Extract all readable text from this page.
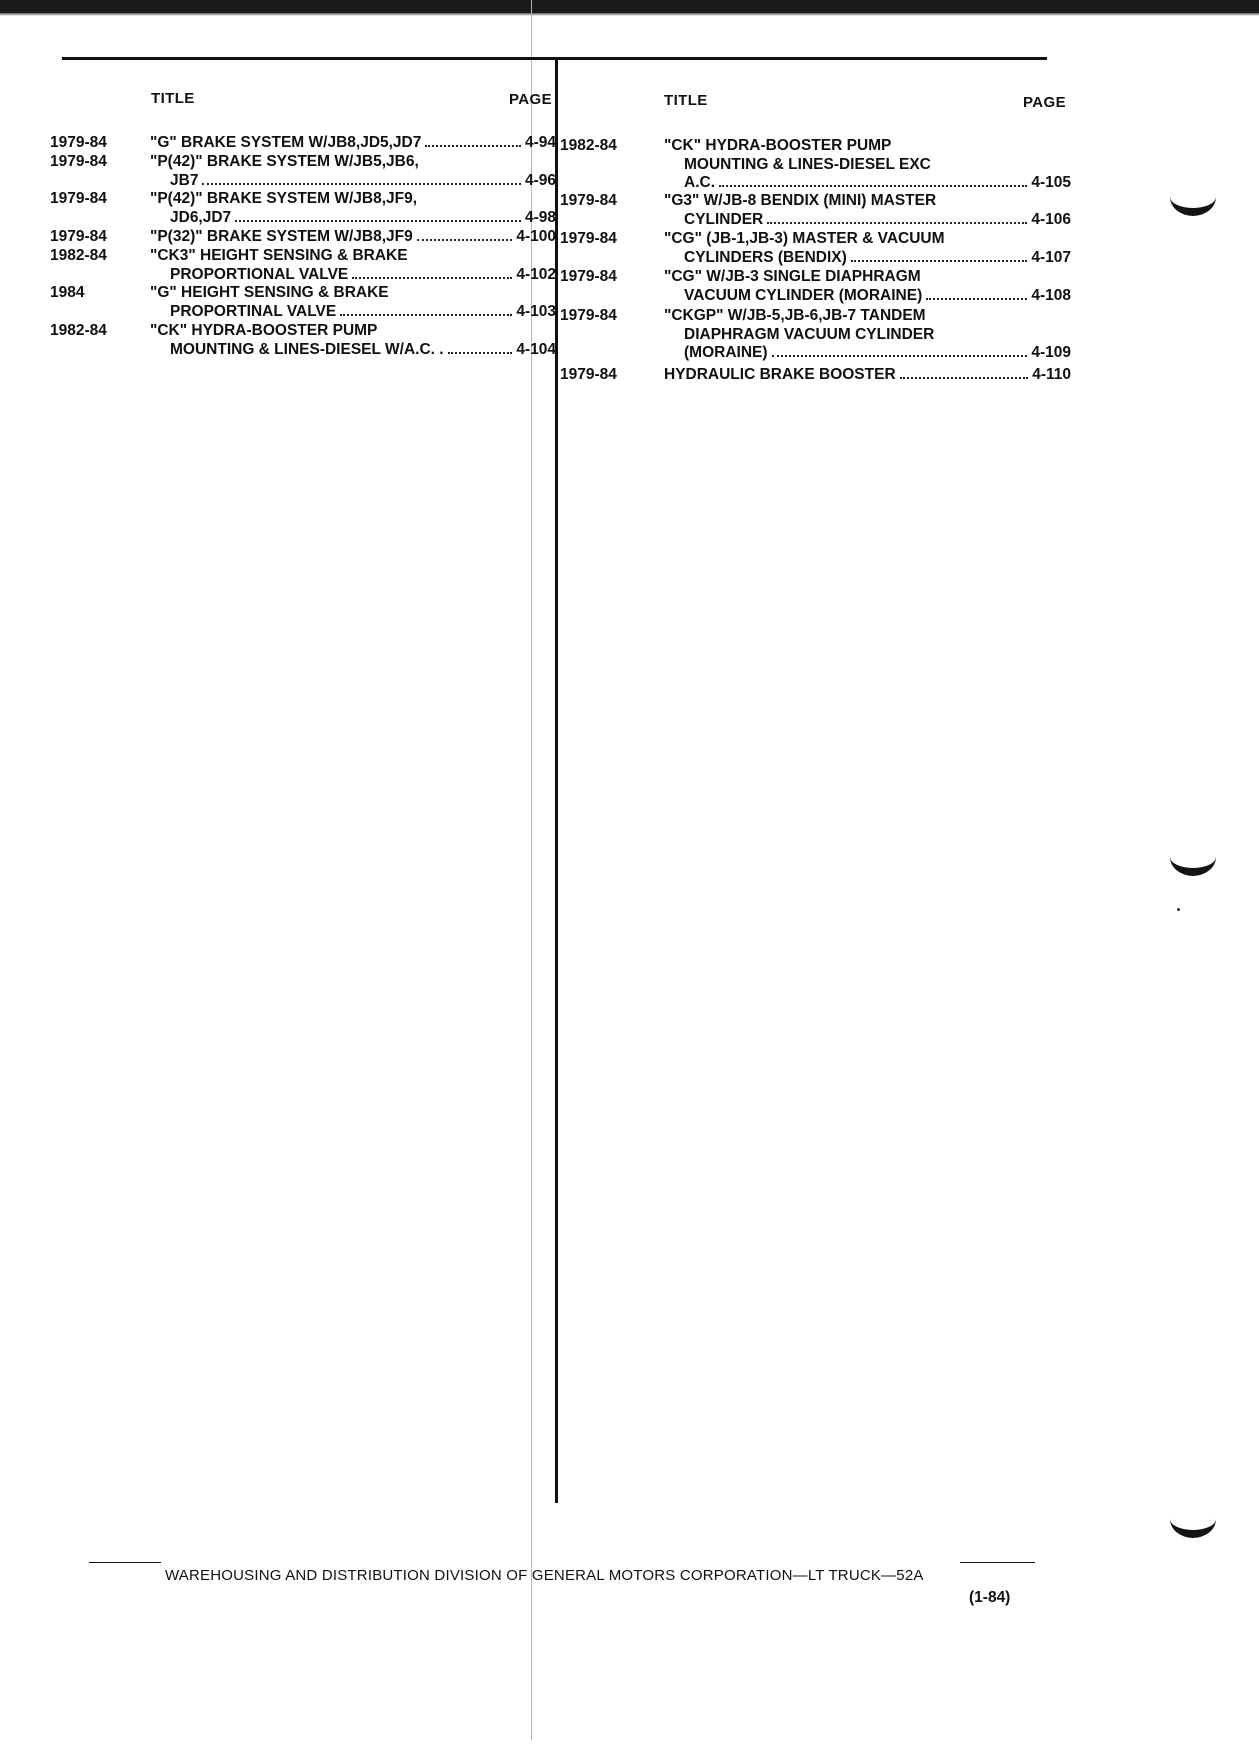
TITLE	PAGE	TITLE	PAGE
1979-84	"G" BRAKE SYSTEM W/JB8,JD5,JD7	4-94
1979-84	"P(42)" BRAKE SYSTEM W/JB5,JB6,
JB7	4-96
1979-84	"P(42)" BRAKE SYSTEM W/JB8,JF9,
JD6,JD7	4-98
1979-84	"P(32)" BRAKE SYSTEM W/JB8,JF9	4-100
1982-84	"CK3" HEIGHT SENSING & BRAKE
PROPORTIONAL VALVE	4-102
1984	"G" HEIGHT SENSING & BRAKE
PROPORTINAL VALVE	4-103
1982-84	"CK" HYDRA-BOOSTER PUMP
MOUNTING & LINES-DIESEL W/A.C. .	4-104
1982-84	"CK" HYDRA-BOOSTER PUMP
MOUNTING & LINES-DIESEL EXC
A.C.	4-105
1979-84	"G3" W/JB-8 BENDIX (MINI) MASTER
CYLINDER	4-106
1979-84	"CG" (JB-1,JB-3) MASTER & VACUUM
CYLINDERS (BENDIX)	4-107
1979-84	"CG" W/JB-3 SINGLE DIAPHRAGM
VACUUM CYLINDER (MORAINE)	4-108
1979-84	"CKGP" W/JB-5,JB-6,JB-7 TANDEM
DIAPHRAGM VACUUM CYLINDER
(MORAINE)	4-109
1979-84	HYDRAULIC BRAKE BOOSTER	4-110
WAREHOUSING AND DISTRIBUTION DIVISION OF GENERAL MOTORS CORPORATION—LT TRUCK—52A
(1-84)
